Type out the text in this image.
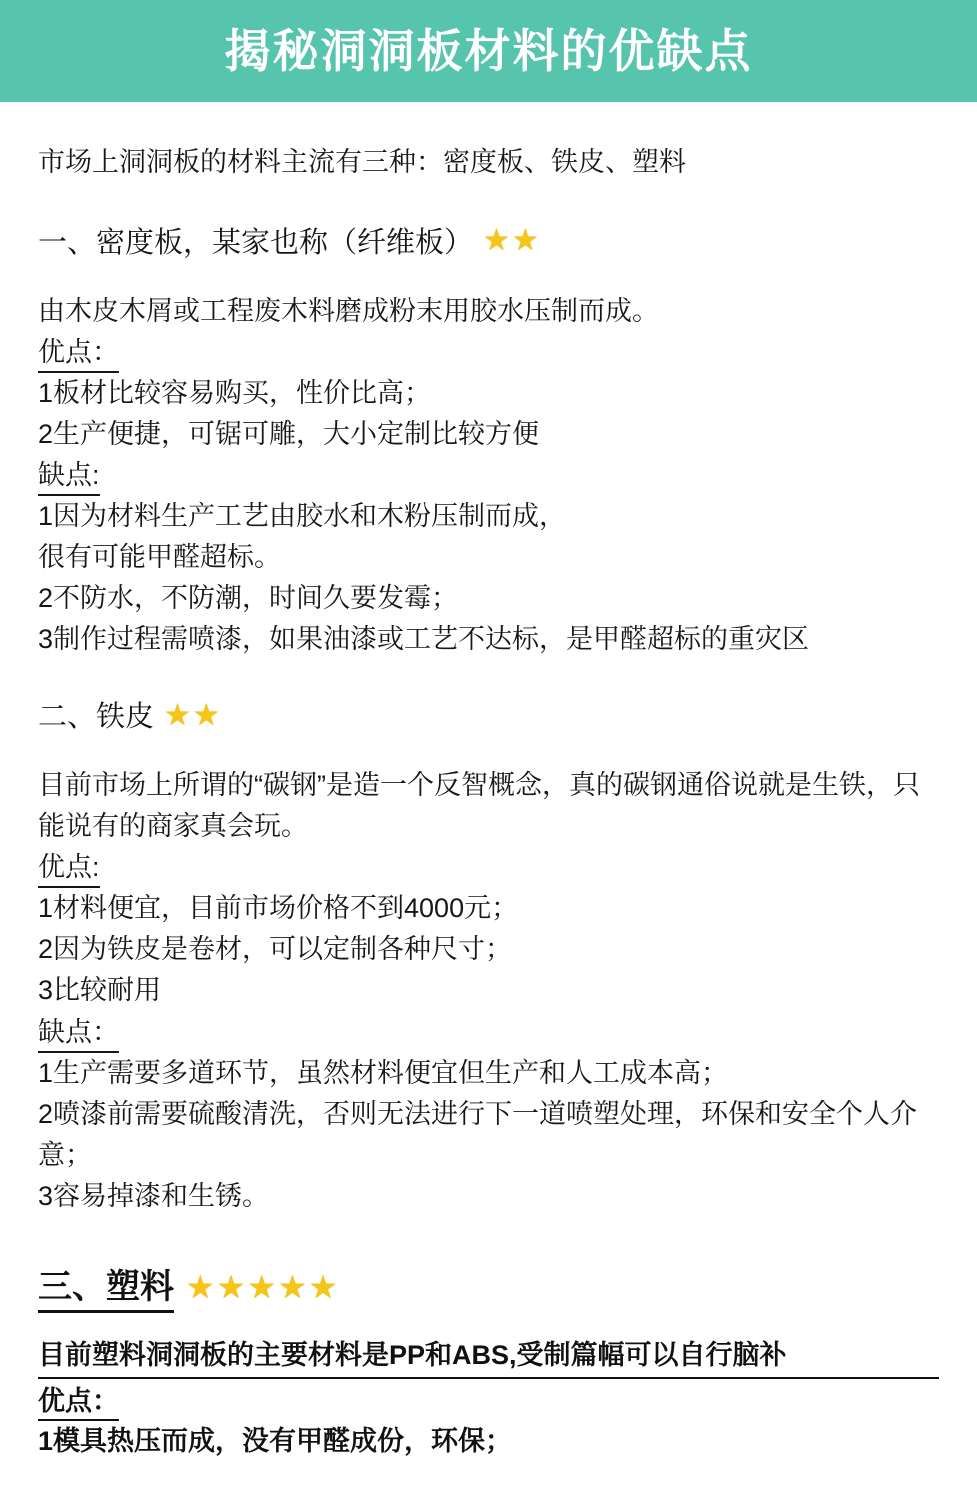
揭秘洞洞板材料的优缺点

市场上洞洞板的材料主流有三种：密度板、铁皮、塑料

一、密度板，某家也称（纤维板） ★ ★
由木皮木屑或工程废木料磨成粉末用胶水压制而成。
优点：
1板材比较容易购买，性价比高；
2生产便捷，可锯可雕，大小定制比较方便
缺点:
1因为材料生产工艺由胶水和木粉压制而成，
很有可能甲醛超标。
2不防水，不防潮，时间久要发霉；
3制作过程需喷漆，如果油漆或工艺不达标，是甲醛超标的重灾区
二、铁皮 ★ ★
目前市场上所谓的“碳钢”是造一个反智概念，真的碳钢通俗说就是生铁，只能说有的商家真会玩。
优点:
1材料便宜，目前市场价格不到4000元；
2因为铁皮是卷材，可以定制各种尺寸；
3比较耐用
缺点：
1生产需要多道环节，虽然材料便宜但生产和人工成本高；
2喷漆前需要硫酸清洗，否则无法进行下一道喷塑处理，环保和安全个人介意；
3容易掉漆和生锈。
三、塑料 ★ ★ ★ ★ ★
目前塑料洞洞板的主要材料是PP和ABS,受制篇幅可以自行脑补
优点：
1模具热压而成，没有甲醛成份，环保；
